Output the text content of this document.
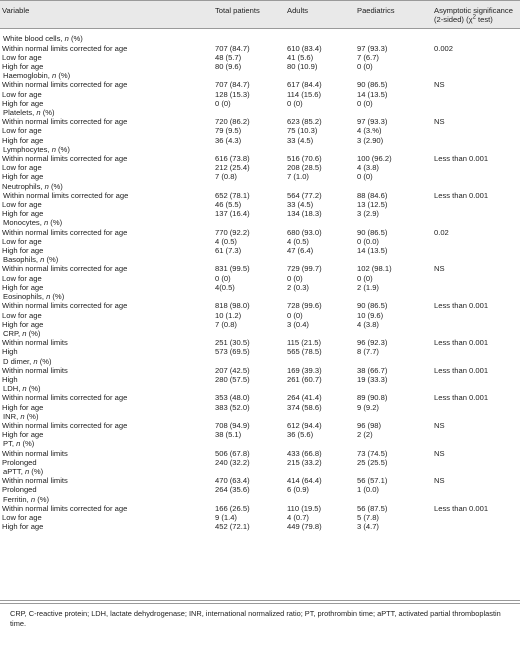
Variable	Total patients	Adults	Paediatrics	Asymptotic significance
(2-sided) ($\chi^2$ test)

White blood cells, n (%)				
Within normal limits corrected for age	707 (84.7)	610 (83.4)	97 (93.3)	0.002
Low for age	48 (5.7)	41 (5.6)	7 (6.7)	
High for age	80 (9.6)	80 (10.9)	0 (0)	
Haemoglobin, n (%)				
Within normal limits corrected for age	707 (84.7)	617 (84.4)	90 (86.5)	NS
Low for age	128 (15.3)	114 (15.6)	14 (13.5)	
High for age	0 (0)	0 (0)	0 (0)	
Platelets, n (%)				
Within normal limits corrected for age	720 (86.2)	623 (85.2)	97 (93.3)	NS
Low for age	79 (9.5)	75 (10.3)	4 (3.%)	
High for age	36 (4.3)	33 (4.5)	3 (2.90)	
Lymphocytes, n (%)				
Within normal limits corrected for age	616 (73.8)	516 (70.6)	100 (96.2)	Less than 0.001
Low for age	212 (25.4)	208 (28.5)	4 (3.8)	
High for age	7 (0.8)	7 (1.0)	0 (0)	
Neutrophils, n (%)				
Within normal limits corrected for age	652 (78.1)	564 (77.2)	88 (84.6)	Less than 0.001
Low for age	46 (5.5)	33 (4.5)	13 (12.5)	
High for age	137 (16.4)	134 (18.3)	3 (2.9)	
Monocytes, n (%)				
Within normal limits corrected for age	770 (92.2)	680 (93.0)	90 (86.5)	0.02
Low for age	4 (0.5)	4 (0.5)	0 (0.0)	
High for age	61 (7.3)	47 (6.4)	14 (13.5)	
Basophils, n (%)				
Within normal limits corrected for age	831 (99.5)	729 (99.7)	102 (98.1)	NS
Low for age	0 (0)	0 (0)	0 (0)	
High for age	4(0.5)	2 (0.3)	2 (1.9)	
Eosinophils, n (%)				
Within normal limits corrected for age	818 (98.0)	728 (99.6)	90 (86.5)	Less than 0.001
Low for age	10 (1.2)	0 (0)	10 (9.6)	
High for age	7 (0.8)	3 (0.4)	4 (3.8)	
CRP, n (%)				
Within normal limits	251 (30.5)	115 (21.5)	96 (92.3)	Less than 0.001
High	573 (69.5)	565 (78.5)	8 (7.7)	
D dimer, n (%)				
Within normal limits	207 (42.5)	169 (39.3)	38 (66.7)	Less than 0.001
High	280 (57.5)	261 (60.7)	19 (33.3)	
LDH, n (%)				
Within normal limits corrected for age	353 (48.0)	264 (41.4)	89 (90.8)	Less than 0.001
High for age	383 (52.0)	374 (58.6)	9 (9.2)	
INR, n (%)				
Within normal limits corrected for age	708 (94.9)	612 (94.4)	96 (98)	NS
High for age	38 (5.1)	36 (5.6)	2 (2)	
PT, n (%)				
Within normal limits	506 (67.8)	433 (66.8)	73 (74.5)	NS
Prolonged	240 (32.2)	215 (33.2)	25 (25.5)	
aPTT, n (%)				
Within normal limits	470 (63.4)	414 (64.4)	56 (57.1)	NS
Prolonged	264 (35.6)	6 (0.9)	1 (0.0)	
Ferritin, n (%)				
Within normal limits corrected for age	166 (26.5)	110 (19.5)	56 (87.5)	Less than 0.001
Low for age	9 (1.4)	4 (0.7)	5 (7.8)	
High for age	452 (72.1)	449 (79.8)	3 (4.7)	
CRP, C-reactive protein; LDH, lactate dehydrogenase; INR, international normalized ratio; PT, prothrombin time; aPTT, activated partial thromboplastin time.
